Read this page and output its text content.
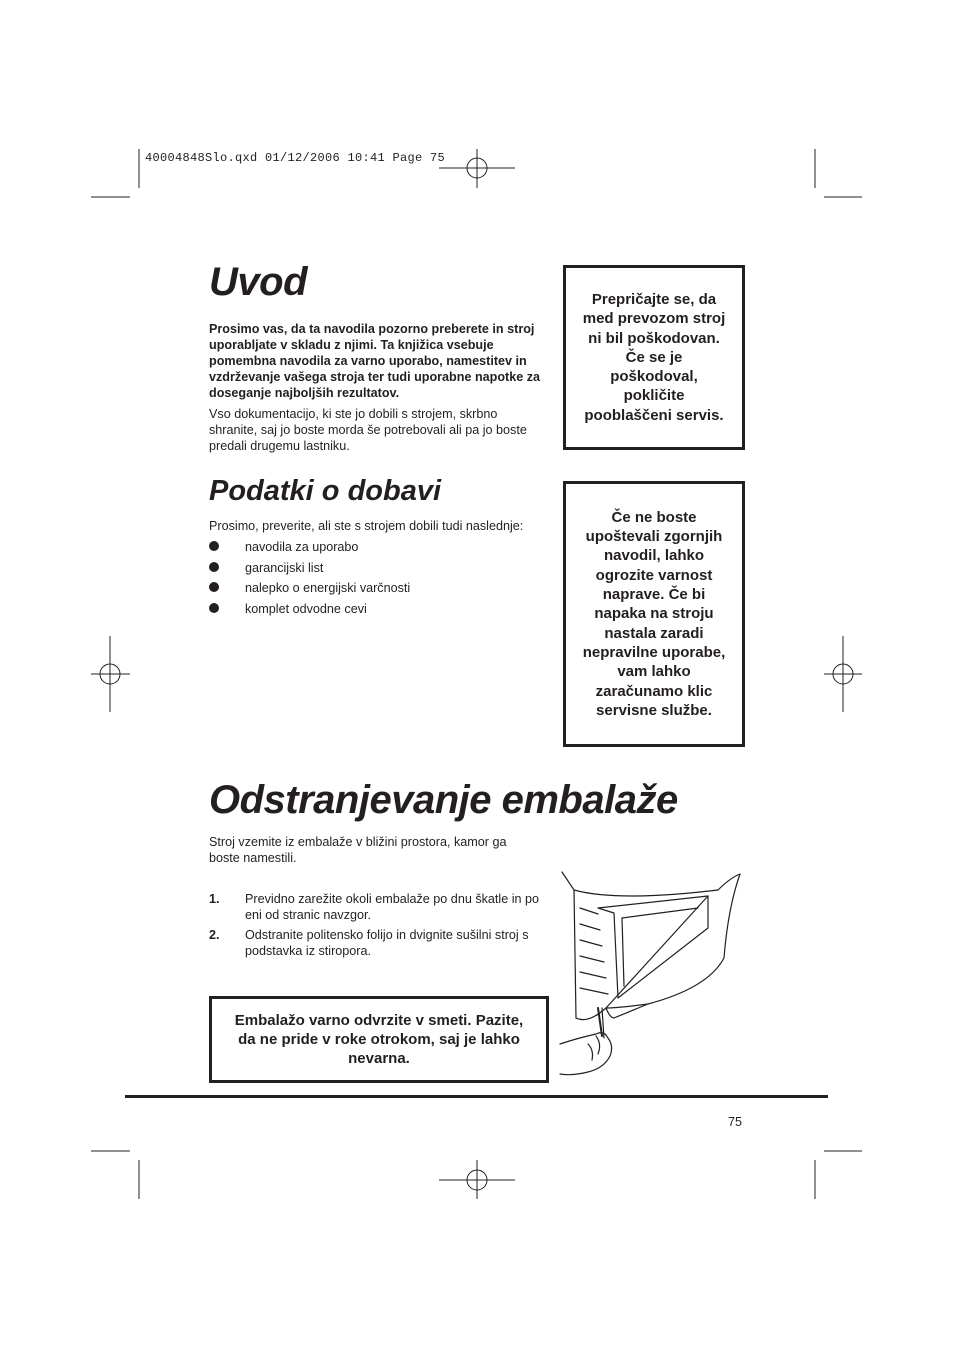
40004848Slo.qxd 01/12/2006 10:41 Page 75
Uvod
Prosimo vas, da ta navodila pozorno preberete in stroj uporabljate v skladu z njimi. Ta knjižica vsebuje pomembna navodila za varno uporabo, namestitev in vzdrževanje vašega stroja ter tudi uporabne napotke za doseganje najboljših rezultatov.
Vso dokumentacijo, ki ste jo dobili s strojem, skrbno shranite, saj jo boste morda še potrebovali ali pa jo boste predali drugemu lastniku.
Prepričajte se, da med prevozom stroj ni bil poškodovan. Če se je poškodoval, pokličite pooblaščeni servis.
Podatki o dobavi
Prosimo, preverite, ali ste s strojem dobili tudi naslednje:
navodila za uporabo
garancijski list
nalepko o energijski varčnosti
komplet odvodne cevi
Če ne boste upoštevali zgornjih navodil, lahko ogrozite varnost naprave. Če bi napaka na stroju nastala zaradi nepravilne uporabe, vam lahko zaračunamo klic servisne službe.
Odstranjevanje embalaže
Stroj vzemite iz embalaže v bližini prostora, kamor ga boste namestili.
1. Previdno zarežite okoli embalaže po dnu škatle in po eni od stranic navzgor.
2. Odstranite politensko folijo in dvignite sušilni stroj s podstavka iz stiropora.
Embalažo varno odvrzite v smeti. Pazite, da ne pride v roke otrokom, saj je lahko nevarna.
75
